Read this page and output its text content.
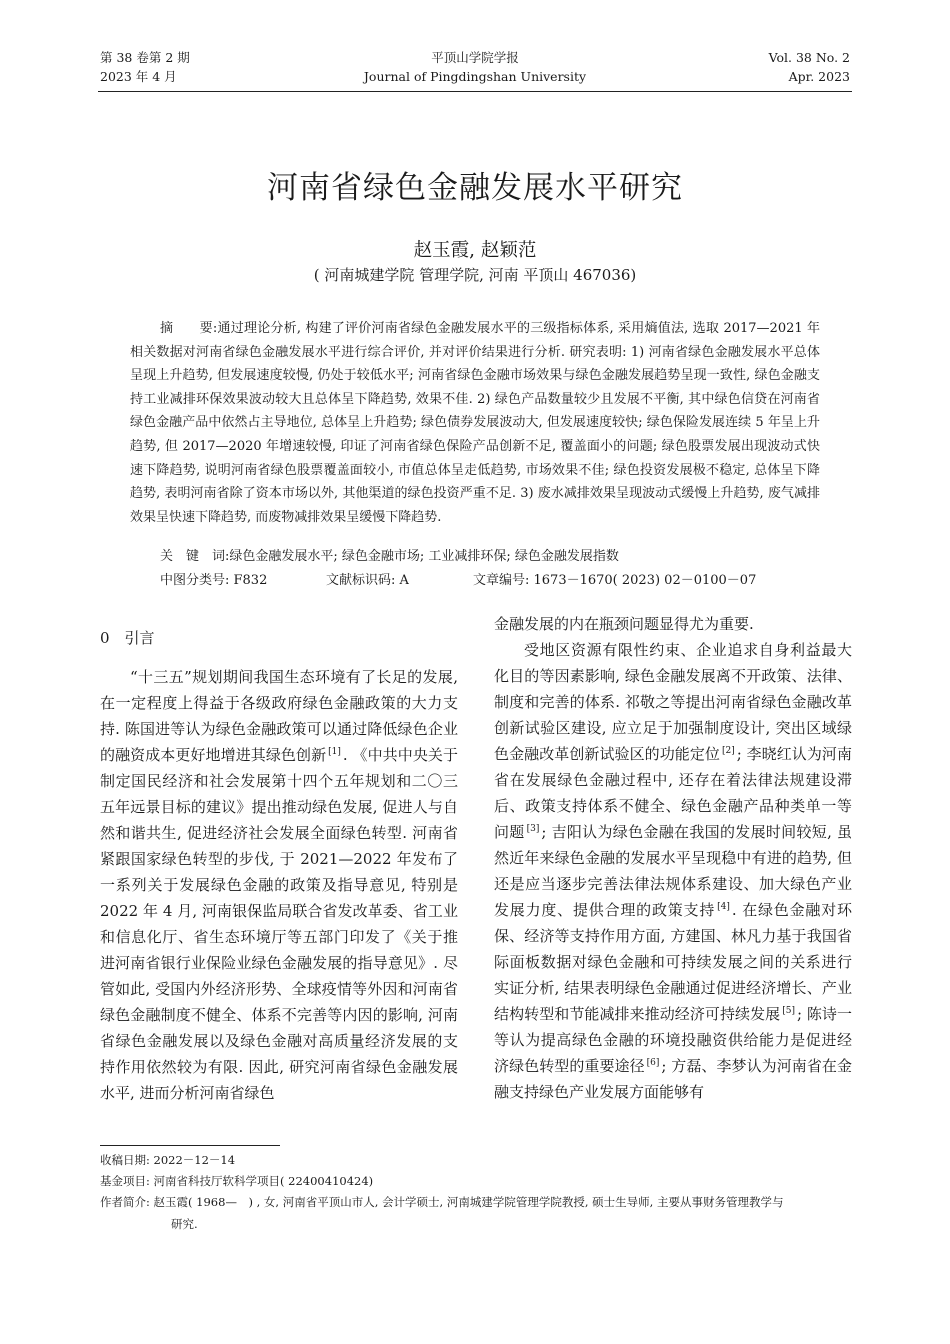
第 38 卷第 2 期
2023 年 4 月
平顶山学院学报
Journal of Pingdingshan University
Vol. 38 No. 2
Apr. 2023
河南省绿色金融发展水平研究
赵玉霞, 赵颖范
( 河南城建学院 管理学院, 河南 平顶山 467036)
摘　　要:通过理论分析, 构建了评价河南省绿色金融发展水平的三级指标体系, 采用熵值法, 选取 2017—2021 年相关数据对河南省绿色金融发展水平进行综合评价, 并对评价结果进行分析. 研究表明: 1) 河南省绿色金融发展水平总体呈现上升趋势, 但发展速度较慢, 仍处于较低水平; 河南省绿色金融市场效果与绿色金融发展趋势呈现一致性, 绿色金融支持工业减排环保效果波动较大且总体呈下降趋势, 效果不佳. 2) 绿色产品数量较少且发展不平衡, 其中绿色信贷在河南省绿色金融产品中依然占主导地位, 总体呈上升趋势; 绿色债券发展波动大, 但发展速度较快; 绿色保险发展连续 5 年呈上升趋势, 但 2017—2020 年增速较慢, 印证了河南省绿色保险产品创新不足, 覆盖面小的问题; 绿色股票发展出现波动式快速下降趋势, 说明河南省绿色股票覆盖面较小, 市值总体呈走低趋势, 市场效果不佳; 绿色投资发展极不稳定, 总体呈下降趋势, 表明河南省除了资本市场以外, 其他渠道的绿色投资严重不足. 3) 废水减排效果呈现波动式缓慢上升趋势, 废气减排效果呈快速下降趋势, 而废物减排效果呈缓慢下降趋势.
关　键　词:绿色金融发展水平; 绿色金融市场; 工业减排环保; 绿色金融发展指数
中图分类号: F832	文献标识码: A	文章编号: 1673－1670( 2023) 02－0100－07
0　引言
“十三五”规划期间我国生态环境有了长足的发展, 在一定程度上得益于各级政府绿色金融政策的大力支持. 陈国进等认为绿色金融政策可以通过降低绿色企业的融资成本更好地增进其绿色创新 [1] . 《中共中央关于制定国民经济和社会发展第十四个五年规划和二〇三五年远景目标的建议》提出推动绿色发展, 促进人与自然和谐共生, 促进经济社会发展全面绿色转型. 河南省紧跟国家绿色转型的步伐, 于 2021—2022 年发布了一系列关于发展绿色金融的政策及指导意见, 特别是 2022 年 4 月, 河南银保监局联合省发改革委、省工业和信息化厅、省生态环境厅等五部门印发了《关于推进河南省银行业保险业绿色金融发展的指导意见》. 尽管如此, 受国内外经济形势、全球疫情等外因和河南省绿色金融制度不健全、体系不完善等内因的影响, 河南省绿色金融发展以及绿色金融对高质量经济发展的支持作用依然较为有限. 因此, 研究河南省绿色金融发展水平, 进而分析河南省绿色

金融发展的内在瓶颈问题显得尤为重要.

受地区资源有限性约束、企业追求自身利益最大化目的等因素影响, 绿色金融发展离不开政策、法律、制度和完善的体系. 祁敬之等提出河南省绿色金融改革创新试验区建设, 应立足于加强制度设计, 突出区域绿色金融改革创新试验区的功能定位 [2] ; 李晓红认为河南省在发展绿色金融过程中, 还存在着法律法规建设滞后、政策支持体系不健全、绿色金融产品种类单一等问题 [3] ; 吉阳认为绿色金融在我国的发展时间较短, 虽然近年来绿色金融的发展水平呈现稳中有进的趋势, 但还是应当逐步完善法律法规体系建设、加大绿色产业发展力度、提供合理的政策支持 [4] . 在绿色金融对环保、经济等支持作用方面, 方建国、林凡力基于我国省际面板数据对绿色金融和可持续发展之间的关系进行实证分析, 结果表明绿色金融通过促进经济增长、产业结构转型和节能减排来推动经济可持续发展 [5] ; 陈诗一等认为提高绿色金融的环境投融资供给能力是促进经济绿色转型的重要途径 [6] ; 方磊、李梦认为河南省在金融支持绿色产业发展方面能够有

收稿日期: 2022－12－14
基金项目: 河南省科技厅软科学项目( 22400410424)
作者简介: 赵玉霞( 1968—　) , 女, 河南省平顶山市人, 会计学硕士, 河南城建学院管理学院教授, 硕士生导师, 主要从事财务管理教学与
研究.
